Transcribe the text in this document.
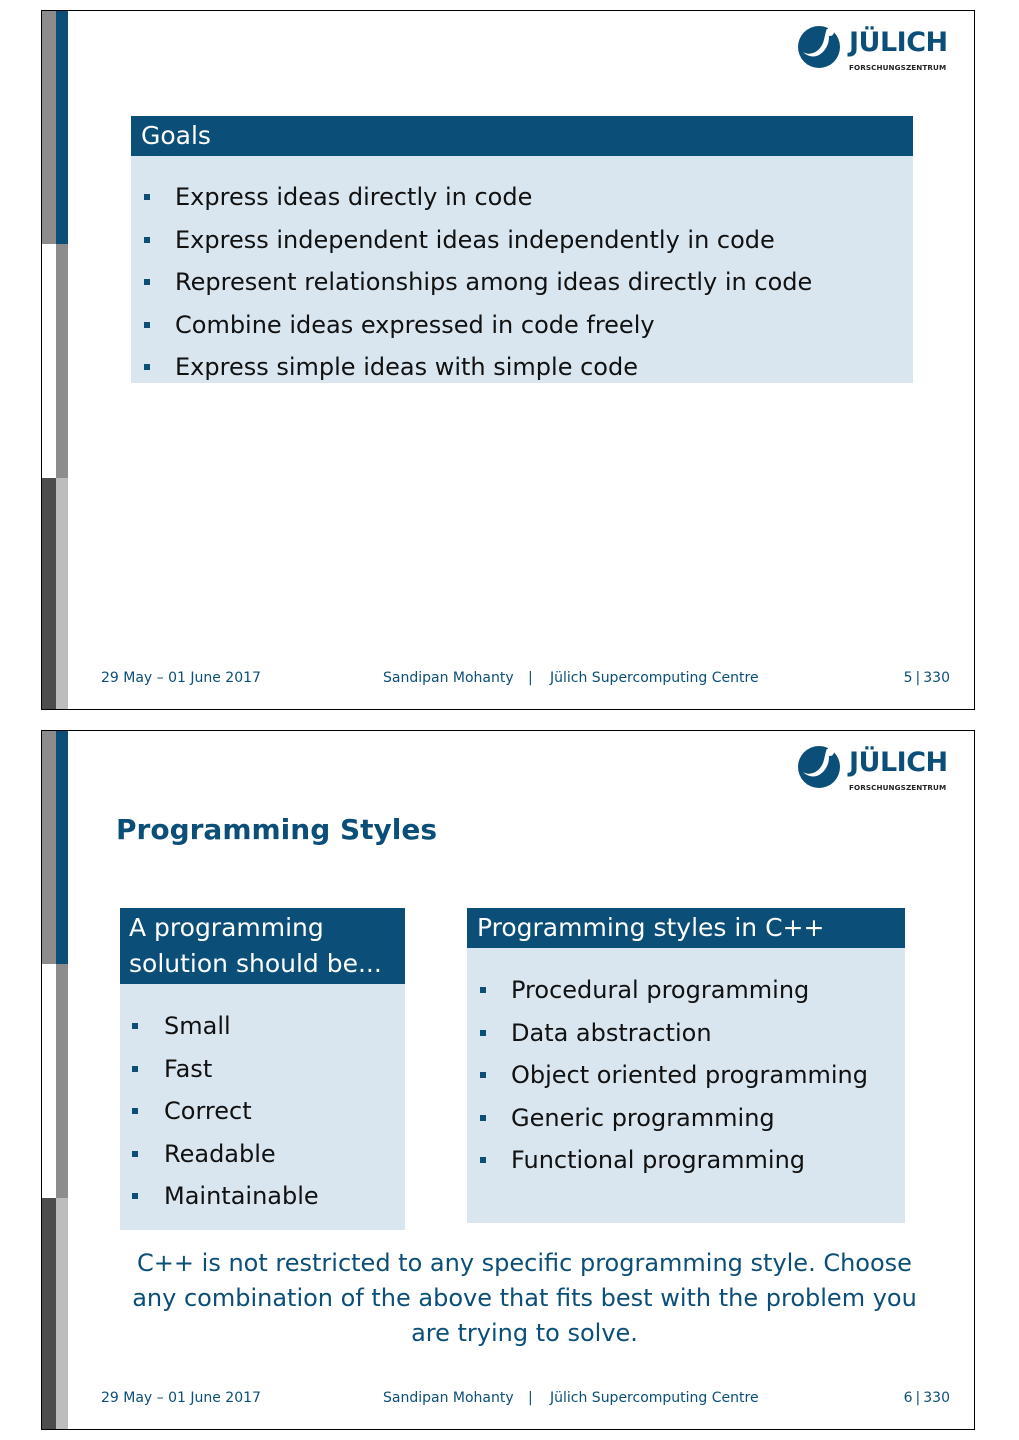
JÜLICH
FORSCHUNGSZENTRUM
Goals
Express ideas directly in code
Express independent ideas independently in code
Represent relationships among ideas directly in code
Combine ideas expressed in code freely
Express simple ideas with simple code
29 May – 01 June 2017	Sandipan Mohanty | Jülich Supercomputing Centre	5 | 330
JÜLICH
FORSCHUNGSZENTRUM
Programming Styles
A programming solution should be...
Small
Fast
Correct
Readable
Maintainable
Programming styles in C++
Procedural programming
Data abstraction
Object oriented programming
Generic programming
Functional programming
C++ is not restricted to any specific programming style. Choose any combination of the above that fits best with the problem you are trying to solve.
29 May – 01 June 2017	Sandipan Mohanty | Jülich Supercomputing Centre	6 | 330
